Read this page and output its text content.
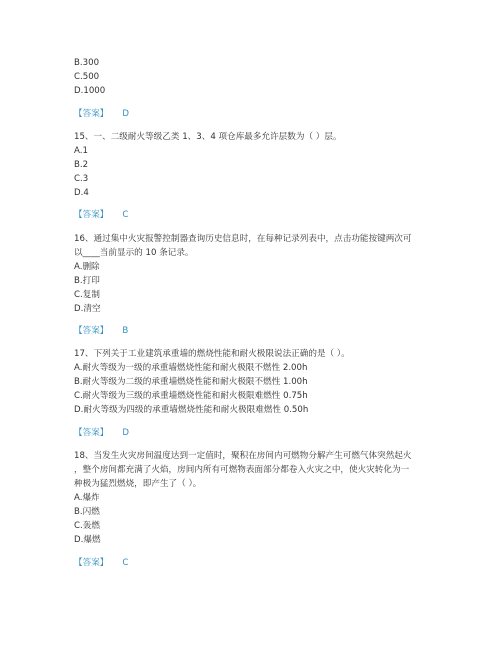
B.300
C.500
D.1000
【答案】 D
15、一、二级耐火等级乙类 1、3、4 项仓库最多允许层数为（ ）层。
A.1
B.2
C.3
D.4
【答案】 C
16、通过集中火灾报警控制器查询历史信息时，在每种记录列表中，点击功能按键两次可
以____当前显示的 10 条记录。
A.删除
B.打印
C.复制
D.清空
【答案】 B
17、下列关于工业建筑承重墙的燃烧性能和耐火极限说法正确的是（ ）。
A.耐火等级为一级的承重墙燃烧性能和耐火极限不燃性 2.00h
B.耐火等级为二级的承重墙燃烧性能和耐火极限不燃性 1.00h
C.耐火等级为三级的承重墙燃烧性能和耐火极限难燃性 0.75h
D.耐火等级为四级的承重墙燃烧性能和耐火极限难燃性 0.50h
【答案】 D
18、当发生火灾房间温度达到一定值时，聚积在房间内可燃物分解产生可燃气体突然起火
，整个房间都充满了火焰，房间内所有可燃物表面部分都卷入火灾之中，使火灾转化为一
种极为猛烈燃烧，即产生了（ ）。
A.爆炸
B.闪燃
C.轰燃
D.爆燃
【答案】 C
